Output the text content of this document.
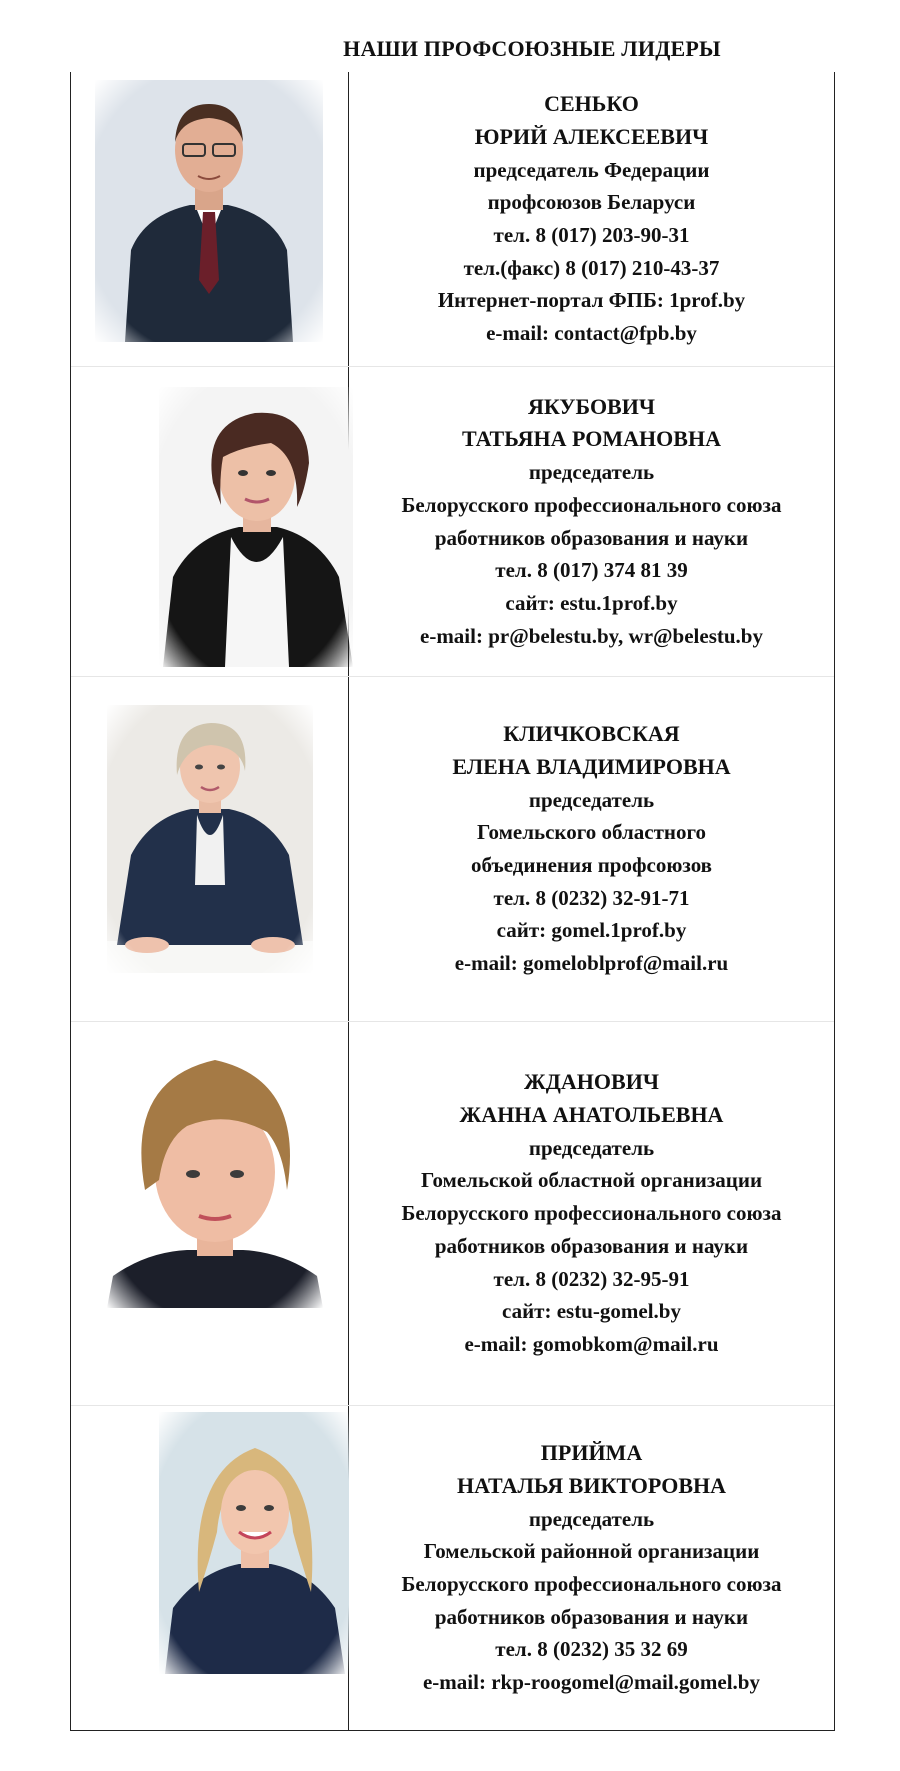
НАШИ ПРОФСОЮЗНЫЕ ЛИДЕРЫ
СЕНЬКО
ЮРИЙ АЛЕКСЕЕВИЧ
председатель Федерации
профсоюзов Беларуси
тел. 8 (017) 203-90-31
тел.(факс) 8 (017) 210-43-37
Интернет-портал ФПБ: 1prof.by
e-mail: contact@fpb.by
ЯКУБОВИЧ
ТАТЬЯНА РОМАНОВНА
председатель
Белорусского профессионального союза
работников образования и науки
тел. 8 (017) 374 81 39
сайт: estu.1prof.by
e-mail: pr@belestu.by, wr@belestu.by
КЛИЧКОВСКАЯ
ЕЛЕНА ВЛАДИМИРОВНА
председатель
Гомельского областного
объединения профсоюзов
тел. 8 (0232) 32-91-71
сайт: gomel.1prof.by
e-mail: gomeloblprof@mail.ru
ЖДАНОВИЧ
ЖАННА АНАТОЛЬЕВНА
председатель
Гомельской областной организации
Белорусского профессионального союза
работников образования и науки
тел. 8 (0232) 32-95-91
сайт: estu-gomel.by
e-mail: gomobkom@mail.ru
ПРИЙМА
НАТАЛЬЯ ВИКТОРОВНА
председатель
Гомельской районной организации
Белорусского профессионального союза
работников образования и науки
тел. 8 (0232) 35 32 69
e-mail: rkp-roogomel@mail.gomel.by
